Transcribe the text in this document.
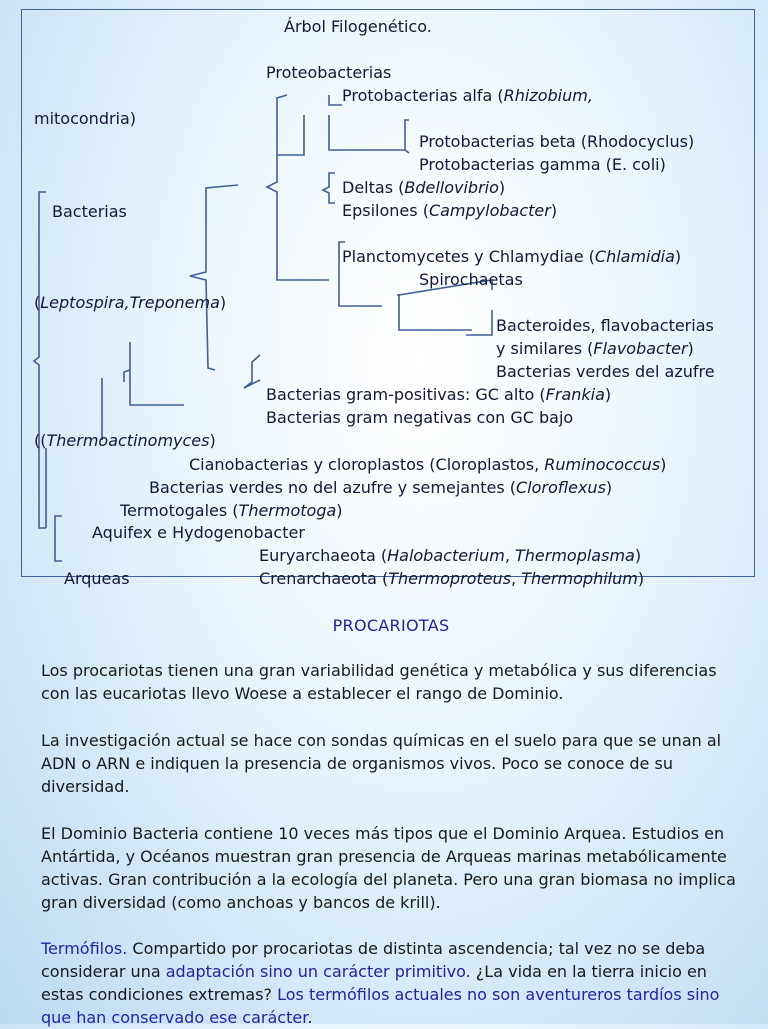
Árbol Filogenético.
Proteobacterias
Protobacterias alfa (Rhizobium,
mitocondria)
Protobacterias beta (Rhodocyclus)
Protobacterias gamma (E. coli)
Deltas (Bdellovibrio)
Epsilones (Campylobacter)
Bacterias
Planctomycetes y Chlamydiae (Chlamidia)
Spirochaetas
(Leptospira,Treponema)
Bacteroides, flavobacterias
y similares (Flavobacter)
Bacterias verdes del azufre
Bacterias gram-positivas: GC alto (Frankia)
Bacterias gram negativas con GC bajo
((Thermoactinomyces)
Cianobacterias y cloroplastos (Cloroplastos, Ruminococcus)
Bacterias verdes no del azufre y semejantes (Cloroflexus)
Termotogales (Thermotoga)
Aquifex e Hydogenobacter
Euryarchaeota (Halobacterium, Thermoplasma)
Arqueas	Crenarchaeota (Thermoproteus, Thermophilum)
PROCARIOTAS

Los procariotas tienen una gran variabilidad genética y metabólica y sus diferencias con las eucariotas llevo Woese a establecer el rango de Dominio.

La investigación actual se hace con sondas químicas en el suelo para que se unan al ADN o ARN e indiquen la presencia de organismos vivos. Poco se conoce de su diversidad.

El Dominio Bacteria contiene 10 veces más tipos que el Dominio Arquea. Estudios en Antártida, y Océanos muestran gran presencia de Arqueas marinas metabólicamente activas. Gran contribución a la ecología del planeta. Pero una gran biomasa no implica gran diversidad (como anchoas y bancos de krill).

Termófilos. Compartido por procariotas de distinta ascendencia; tal vez no se deba considerar una adaptación sino un carácter primitivo. ¿La vida en la tierra inicio en estas condiciones extremas? Los termófilos actuales no son aventureros tardíos sino que han conservado ese carácter.
